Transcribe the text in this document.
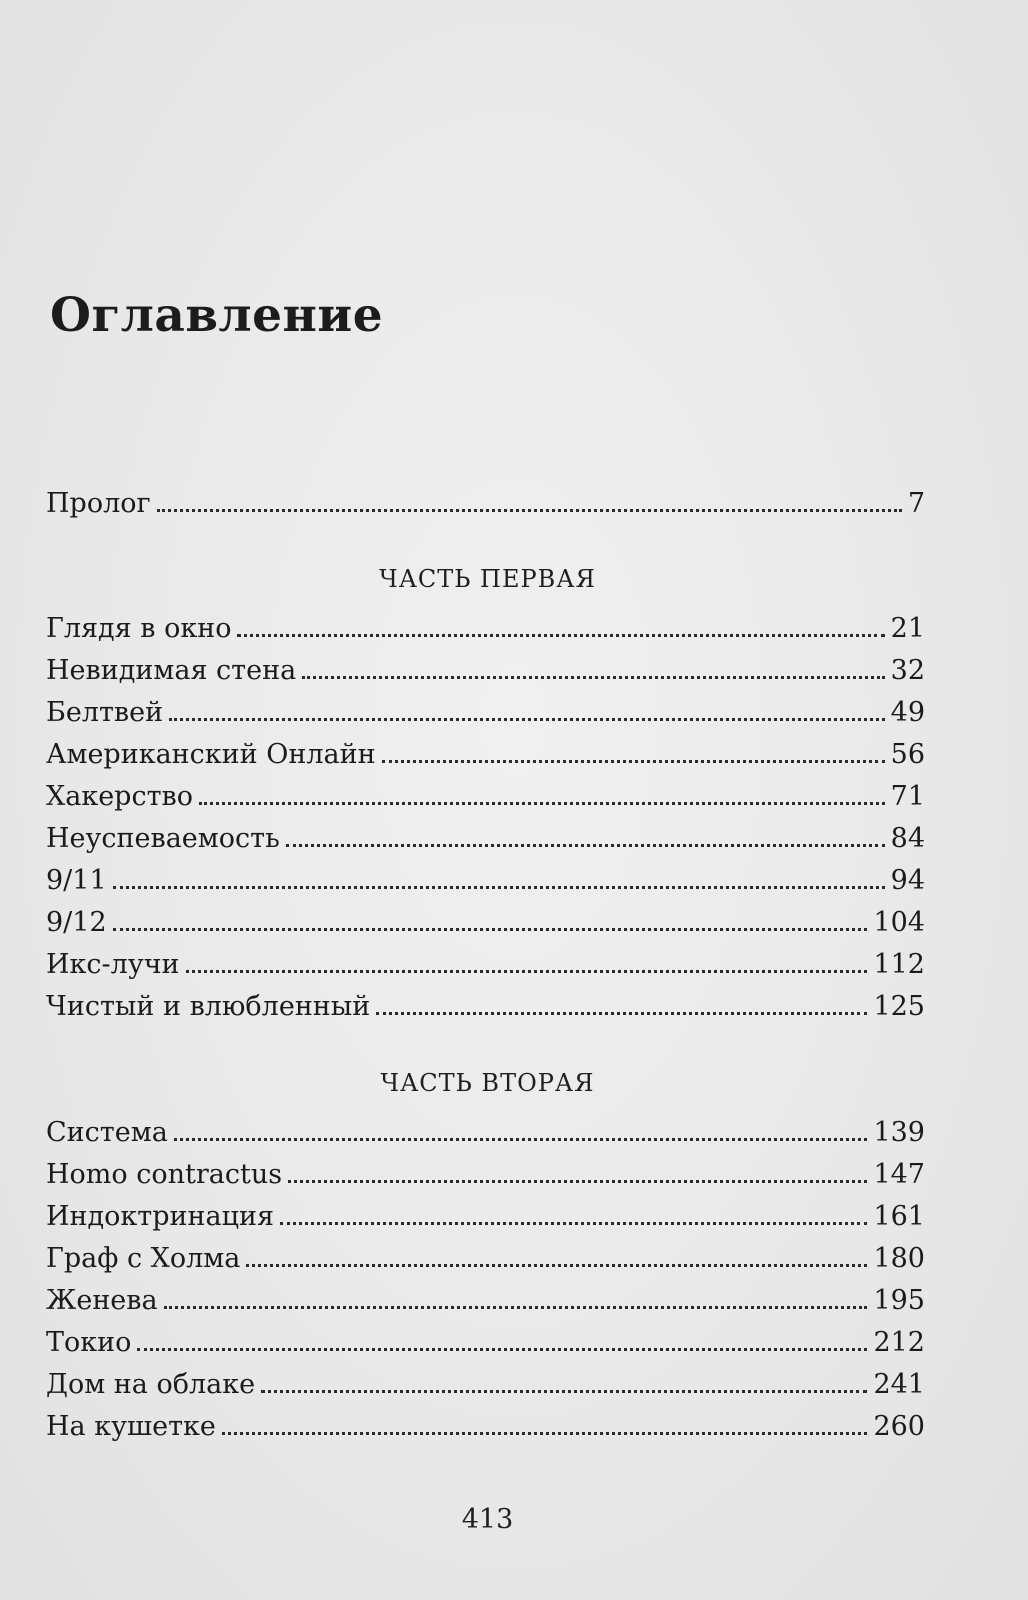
Оглавление
Пролог	7
ЧАСТЬ ПЕРВАЯ
Глядя в окно	21
Невидимая стена	32
Белтвей	49
Американский Онлайн	56
Хакерство	71
Неуспеваемость	84
9/11	94
9/12	104
Икс-лучи	112
Чистый и влюбленный	125
ЧАСТЬ ВТОРАЯ
Система	139
Homo contractus	147
Индоктринация	161
Граф с Холма	180
Женева	195
Токио	212
Дом на облаке	241
На кушетке	260
413
